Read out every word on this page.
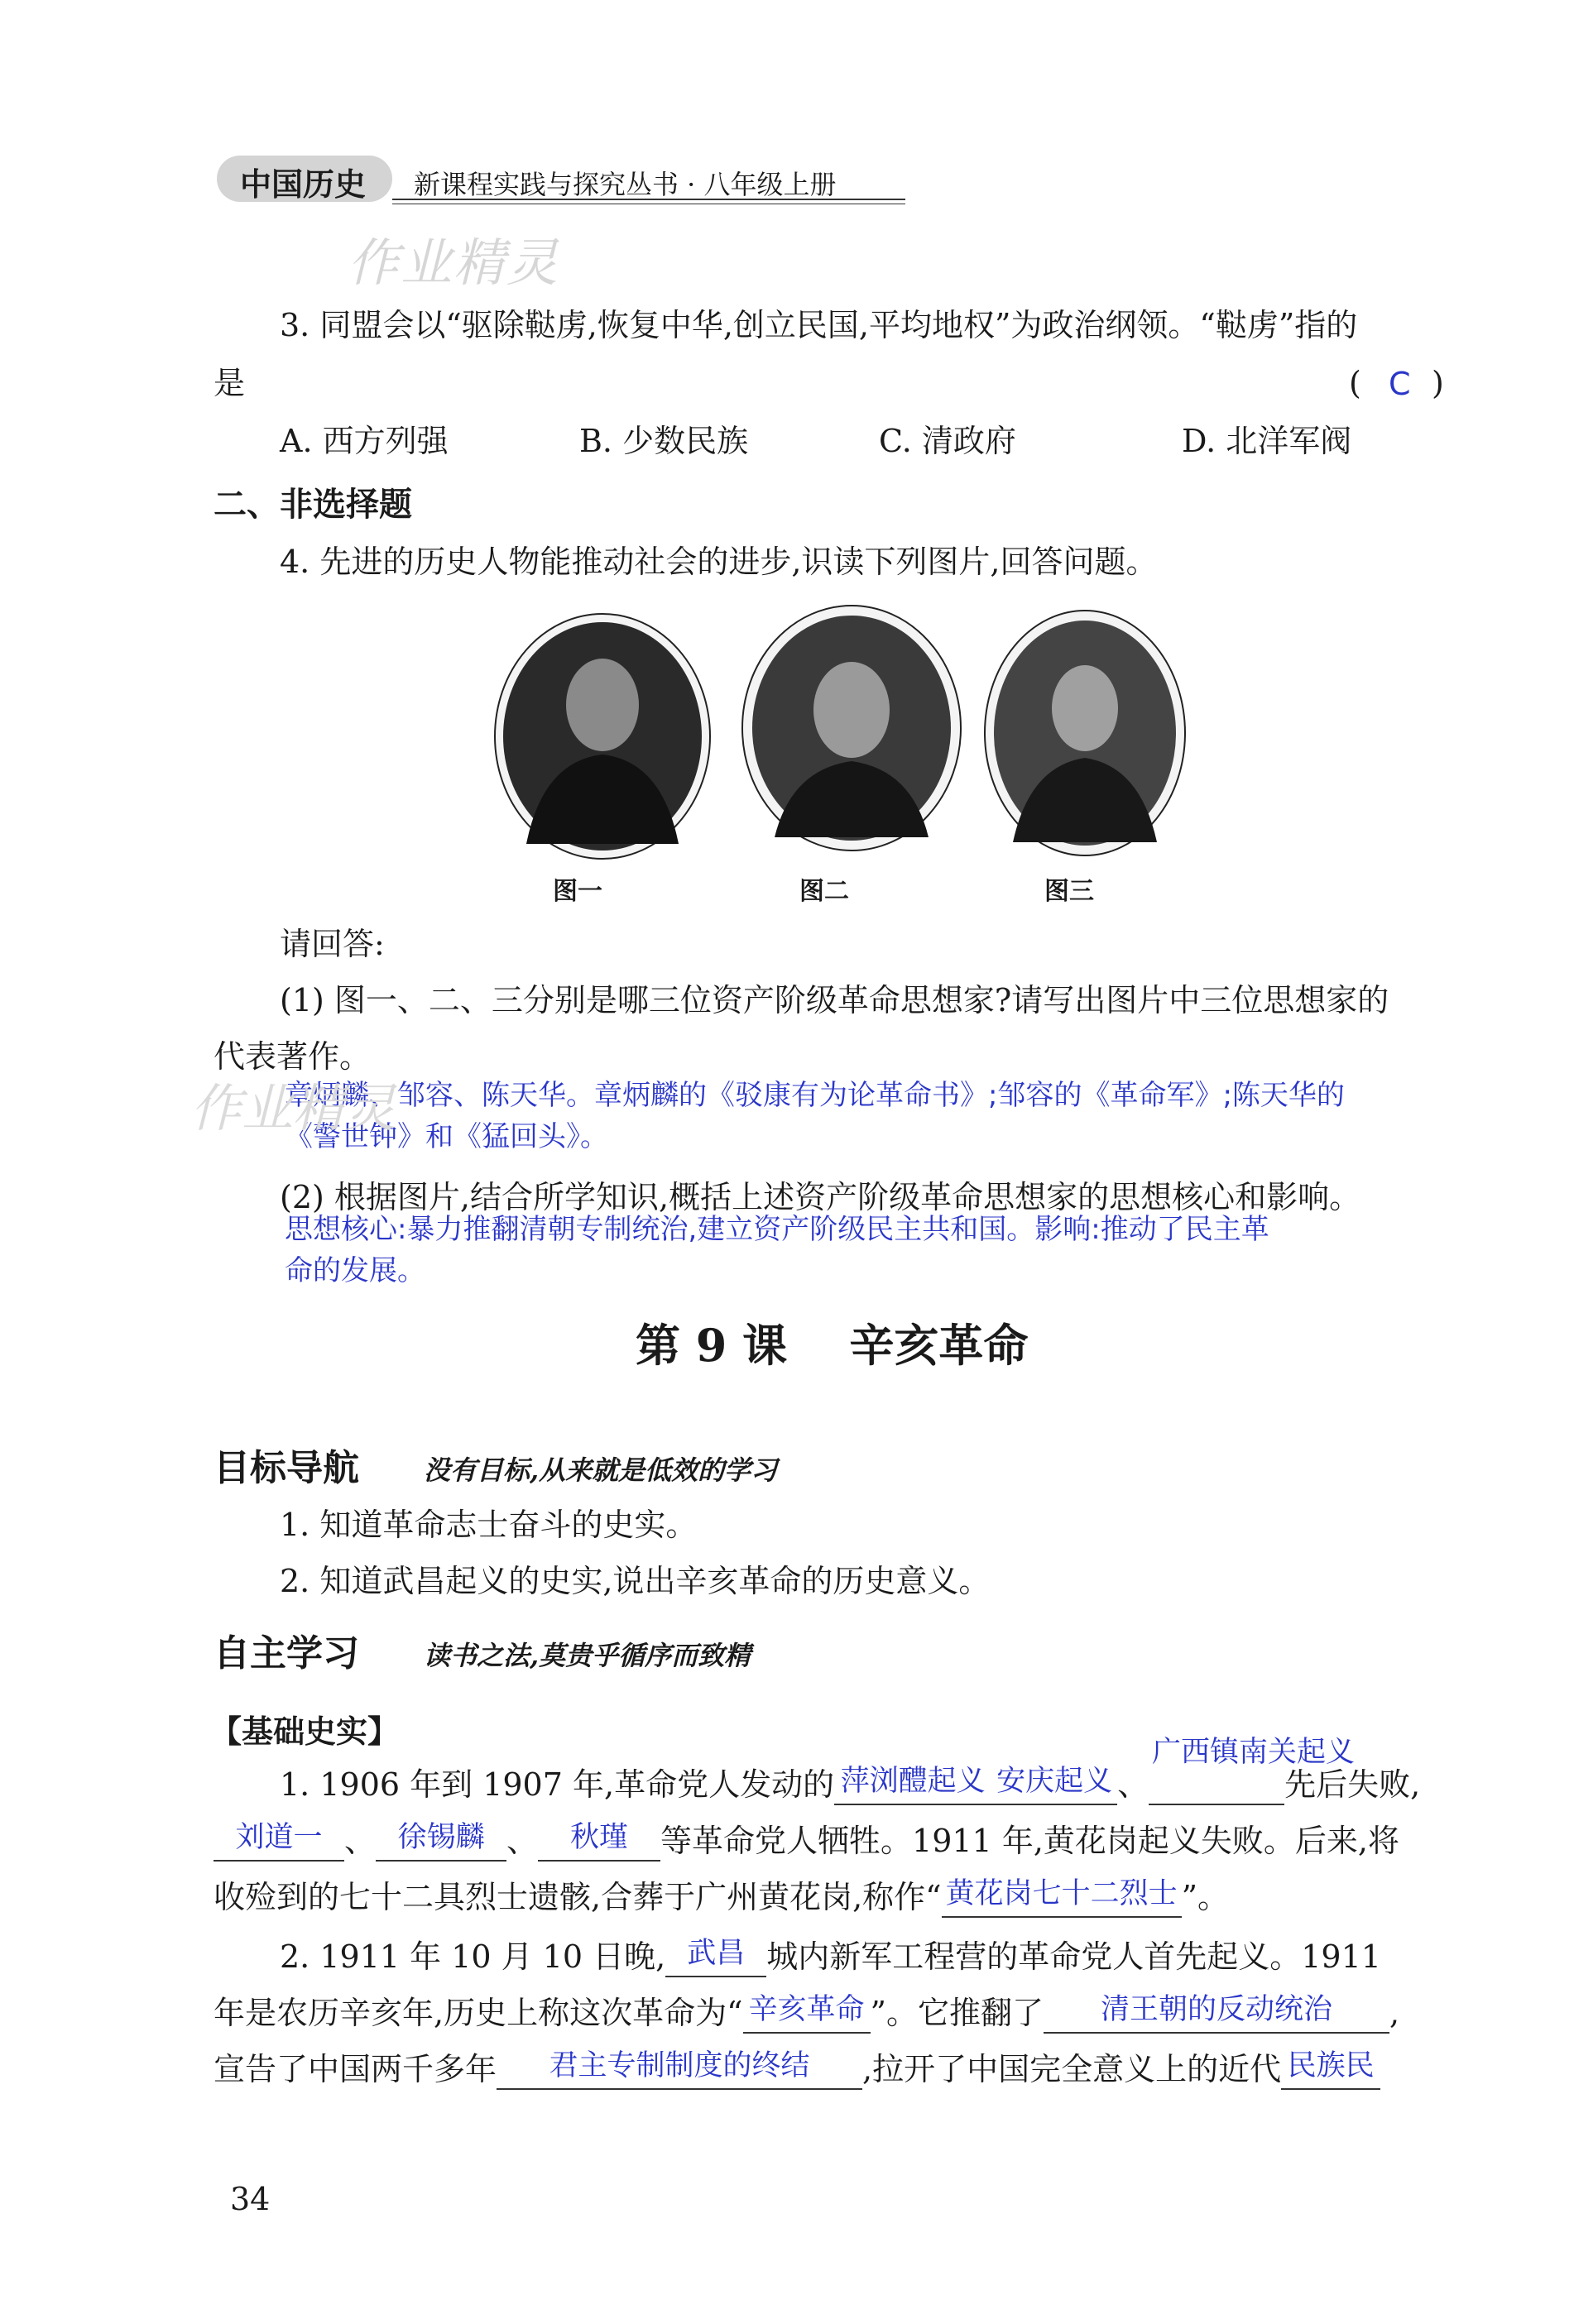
中国历史 新课程实践与探究丛书 · 八年级上册
作业精灵
3. 同盟会以“驱除鞑虏,恢复中华,创立民国,平均地权”为政治纲领。“鞑虏”指的
是	( C )
A. 西方列强	B. 少数民族	C. 清政府	D. 北洋军阀
二、非选择题
4. 先进的历史人物能推动社会的进步,识读下列图片,回答问题。
图一	图二	图三
请回答:
(1) 图一、二、三分别是哪三位资产阶级革命思想家?请写出图片中三位思想家的
代表著作。
章炳麟、邹容、陈天华。章炳麟的《驳康有为论革命书》;邹容的《革命军》;陈天华的
《警世钟》和《猛回头》。
作业精灵
(2) 根据图片,结合所学知识,概括上述资产阶级革命思想家的思想核心和影响。
思想核心:暴力推翻清朝专制统治,建立资产阶级民主共和国。影响:推动了民主革
命的发展。
第 9 课    辛亥革命
目标导航 没有目标,从来就是低效的学习
1. 知道革命志士奋斗的史实。
2. 知道武昌起义的史实,说出辛亥革命的历史意义。
自主学习 读书之法,莫贵乎循序而致精
【基础史实】
1. 1906 年到 1907 年,革命党人发动的 萍浏醴起义 安庆起义 、	先后失败,
广西镇南关起义
刘道一 、 徐锡麟 、	秋瑾	等革命党人牺牲。1911 年,黄花岗起义失败。后来,将
收殓到的七十二具烈士遗骸,合葬于广州黄花岗,称作“ 黄花岗七十二烈士 ”。
2. 1911 年 10 月 10 日晚, 武昌 城内新军工程营的革命党人首先起义。1911
年是农历辛亥年,历史上称这次革命为“ 辛亥革命 ”。它推翻了	清王朝的反动统治	,
宣告了中国两千多年	君主专制制度的终结	,拉开了中国完全意义上的近代 民族民
34
